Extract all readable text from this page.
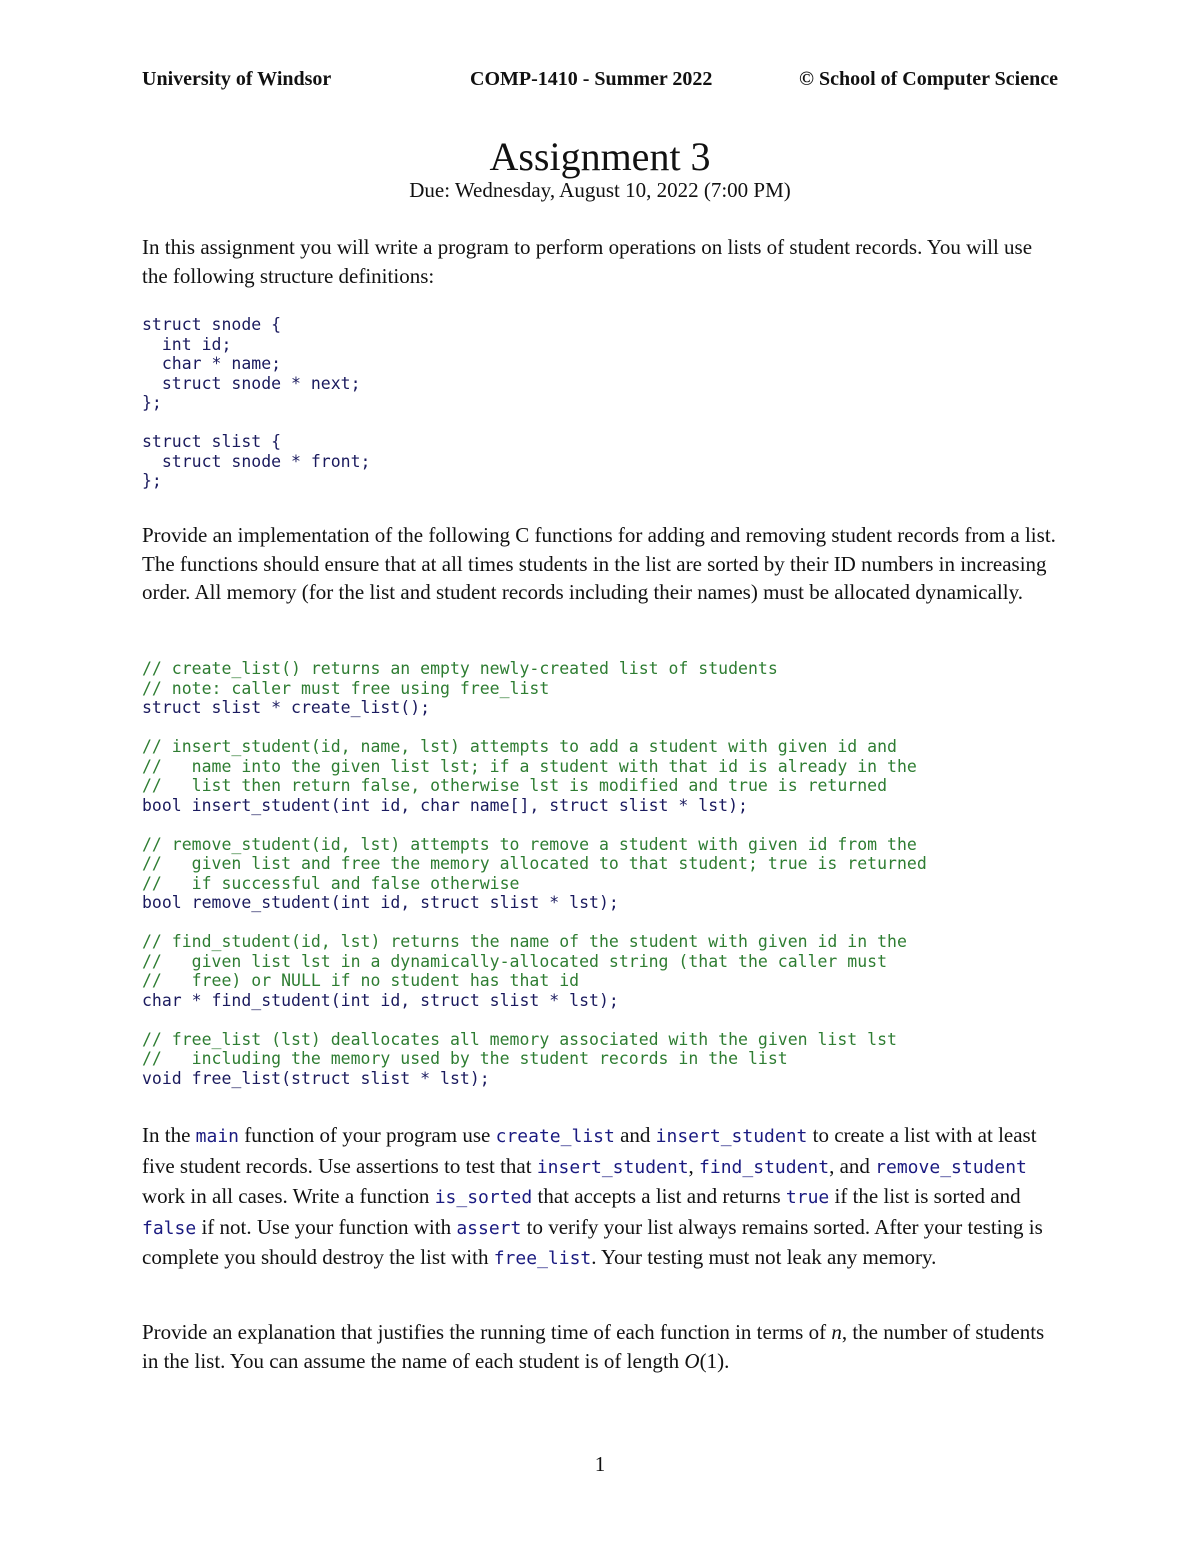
University of Windsor	COMP-1410 - Summer 2022	© School of Computer Science
Assignment 3
Due: Wednesday, August 10, 2022 (7:00 PM)
In this assignment you will write a program to perform operations on lists of student records. You will use the following structure definitions:
struct snode {
int id;
char * name;
struct snode * next;
};

struct slist {
struct snode * front;
};
Provide an implementation of the following C functions for adding and removing student records from a list. The functions should ensure that at all times students in the list are sorted by their ID numbers in increasing order. All memory (for the list and student records including their names) must be allocated dynamically.
// create_list() returns an empty newly-created list of students
// note: caller must free using free_list
struct slist * create_list();

// insert_student(id, name, lst) attempts to add a student with given id and
//   name into the given list lst; if a student with that id is already in the
//   list then return false, otherwise lst is modified and true is returned
bool insert_student(int id, char name[], struct slist * lst);

// remove_student(id, lst) attempts to remove a student with given id from the
//   given list and free the memory allocated to that student; true is returned
//   if successful and false otherwise
bool remove_student(int id, struct slist * lst);

// find_student(id, lst) returns the name of the student with given id in the
//   given list lst in a dynamically-allocated string (that the caller must
//   free) or NULL if no student has that id
char * find_student(int id, struct slist * lst);

// free_list (lst) deallocates all memory associated with the given list lst
//   including the memory used by the student records in the list
void free_list(struct slist * lst);
In the main function of your program use create_list and insert_student to create a list with at least five student records. Use assertions to test that insert_student, find_student, and remove_student work in all cases. Write a function is_sorted that accepts a list and returns true if the list is sorted and false if not. Use your function with assert to verify your list always remains sorted. After your testing is complete you should destroy the list with free_list. Your testing must not leak any memory.
Provide an explanation that justifies the running time of each function in terms of n, the number of students in the list. You can assume the name of each student is of length O(1).
1
